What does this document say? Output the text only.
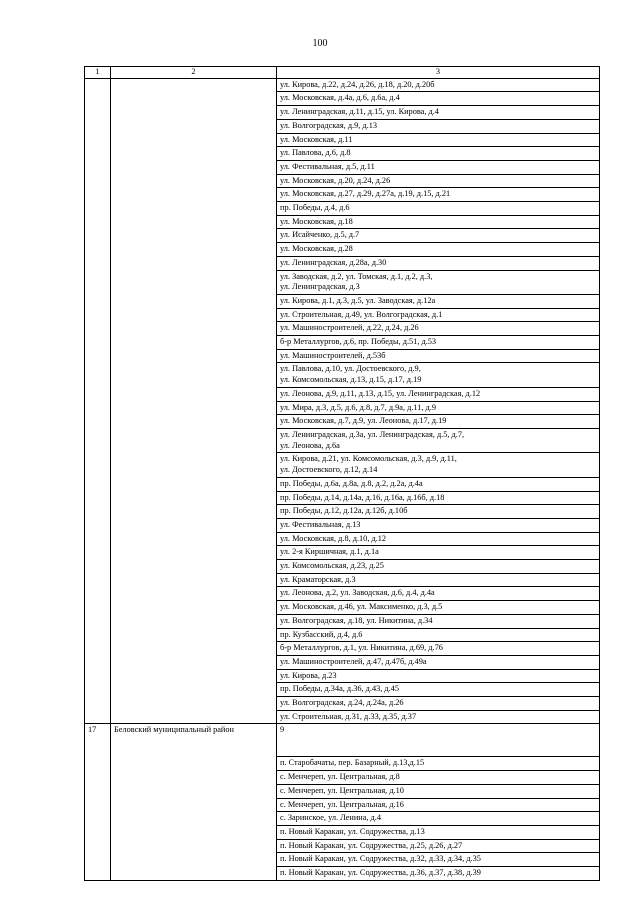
100
1	2	3

		ул. Кирова, д.22, д.24, д.26, д.18, д.20, д.20б

		ул. Московская, д.4а, д.6, д.6а, д.4

		ул. Ленинградская, д.11, д.15, ул. Кирова, д.4

		ул. Волгоградская, д.9, д.13

		ул. Московская, д.11

		ул. Павлова, д.6, д.8

		ул. Фестивальная, д.5, д.11

		ул. Московская, д.20, д.24, д.26

		ул. Московская, д.27, д.29, д.27а, д.19, д.15, д.21

		пр. Победы, д.4, д.6

		ул. Московская, д.18

		ул. Исайченко, д.5, д.7

		ул. Московская, д.28

		ул. Ленинградская, д.28а, д.30

		ул. Заводская, д.2, ул. Томская, д.1, д.2, д.3,
ул. Ленинградская, д.3

		ул. Кирова, д.1, д.3, д.5, ул. Заводская, д.12а

		ул. Строительная, д.49, ул. Волгоградская, д.1

		ул. Машиностроителей, д.22, д.24, д.26

		б-р Металлургов, д.6, пр. Победы, д.51, д.53

		ул. Машиностроителей, д.53б

		ул. Павлова, д.10, ул. Достоевского, д.9,
ул. Комсомольская, д.13, д.15, д.17, д.19

		ул. Леонова, д.9, д.11, д.13, д.15, ул. Ленинградская, д.12

		ул. Мира, д.3, д.5, д.6, д.8, д.7, д.9а, д.11, д.9

		ул. Московская, д.7, д.9, ул. Леонова, д.17, д.19

		ул. Ленинградская, д.3а, ул. Ленинградская, д.5, д.7,
ул. Леонова, д.6а

		ул. Кирова, д.21, ул. Комсомольская, д.3, д.9, д.11,
ул. Достоевского, д.12, д.14

		пр. Победы, д.6а, д.8а, д.8, д.2, д.2а, д.4а

		пр. Победы, д.14, д.14а, д.16, д.16а, д.16б, д.18

		пр. Победы, д.12, д.12а, д.12б, д.10б

		ул. Фестивальная, д.13

		ул. Московская, д.8, д.10, д.12

		ул. 2-я Киршичная, д.1, д.1а

		ул. Комсомольская, д.23, д.25

		ул. Краматорская, д.3

		ул. Леонова, д.2, ул. Заводская, д.6, д.4, д.4а

		ул. Московская, д.46, ул. Максименко, д.3, д.5

		ул. Волгоградская, д.18, ул. Никитина, д.34

		пр. Кузбасский, д.4, д.6

		б-р Металлургов, д.1, ул. Никитина, д.69, д.76

		ул. Машиностроителей, д.47, д.47б, д.49а

		ул. Кирова, д.23

		пр. Победы, д.34а, д.36, д.43, д.45

		ул. Волгоградская, д.24, д.24а, д.26

		ул. Строительная, д.31, д.33, д.35, д.37

17	Беловский муниципальный район	9

		п. Старобачаты, пер. Базарный, д.13,д.15
		с. Менчереп, ул. Центральная, д.8
		с. Менчереп, ул. Центральная, д.10
		с. Менчереп, ул. Центральная, д.16
		с. Заринское, ул. Ленина, д.4
		п. Новый Каракан, ул. Содружества, д.13
		п. Новый Каракан, ул. Содружества, д.25, д.26, д.27
		п. Новый Каракан, ул. Содружества, д.32, д.33, д.34, д.35
		п. Новый Каракан, ул. Содружества, д.36, д.37, д.38, д.39
